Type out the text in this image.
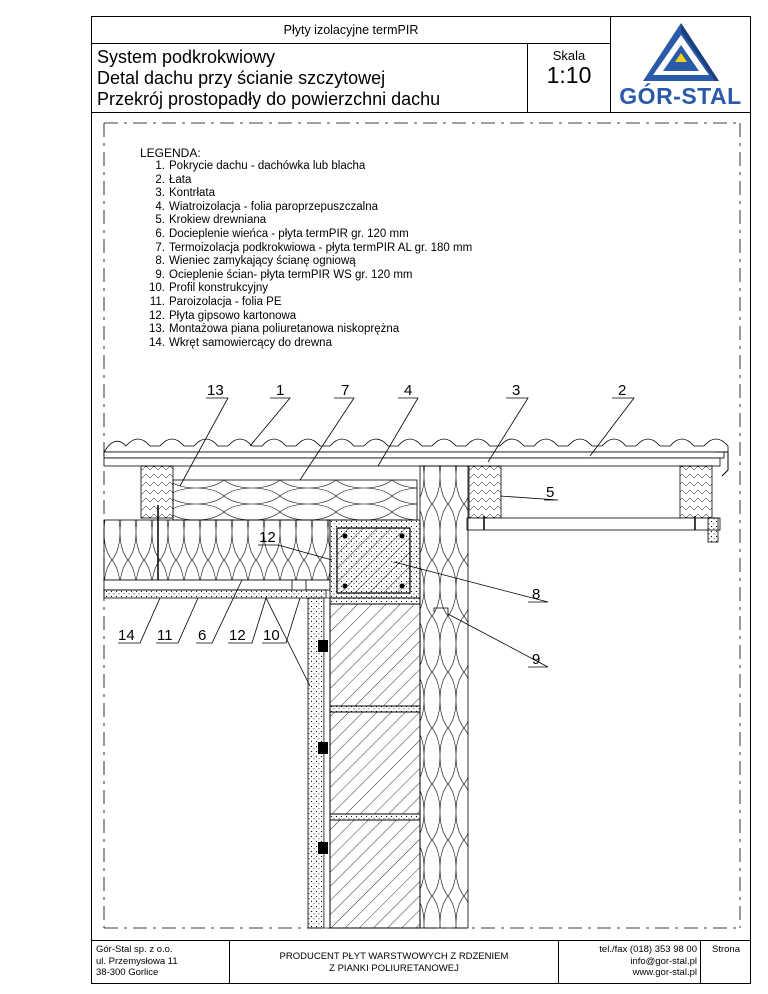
Płyty izolacyjne termPIR
System podkrokwiowy
Detal dachu przy ścianie szczytowej
Przekrój prostopadły do powierzchni dachu
Skala
1:10
GÓR-STAL
LEGENDA:
1. Pokrycie dachu - dachówka lub blacha
2. Łata
3. Kontrłata
4. Wiatroizolacja - folia paroprzepuszczalna
5. Krokiew drewniana
6. Docieplenie wieńca - płyta termPIR gr. 120 mm
7. Termoizolacja podkrokwiowa - płyta termPIR AL gr. 180 mm
8. Wieniec zamykający ścianę ogniową
9. Ocieplenie ścian- płyta termPIR WS gr. 120 mm
10. Profil konstrukcyjny
11. Paroizolacja - folia PE
12. Płyta gipsowo kartonowa
13. Montażowa piana poliuretanowa niskoprężna
14. Wkręt samowiercący do drewna
13	1	7	4	3	2
5
12
8
9
14 11 6 12 10
Gór-Stal sp. z o.o.
ul. Przemysłowa 11
38-300 Gorlice
PRODUCENT PŁYT WARSTWOWYCH Z RDZENIEM
Z PIANKI POLIURETANOWEJ
tel./fax (018) 353 98 00
info@gor-stal.pl
www.gor-stal.pl
Strona
